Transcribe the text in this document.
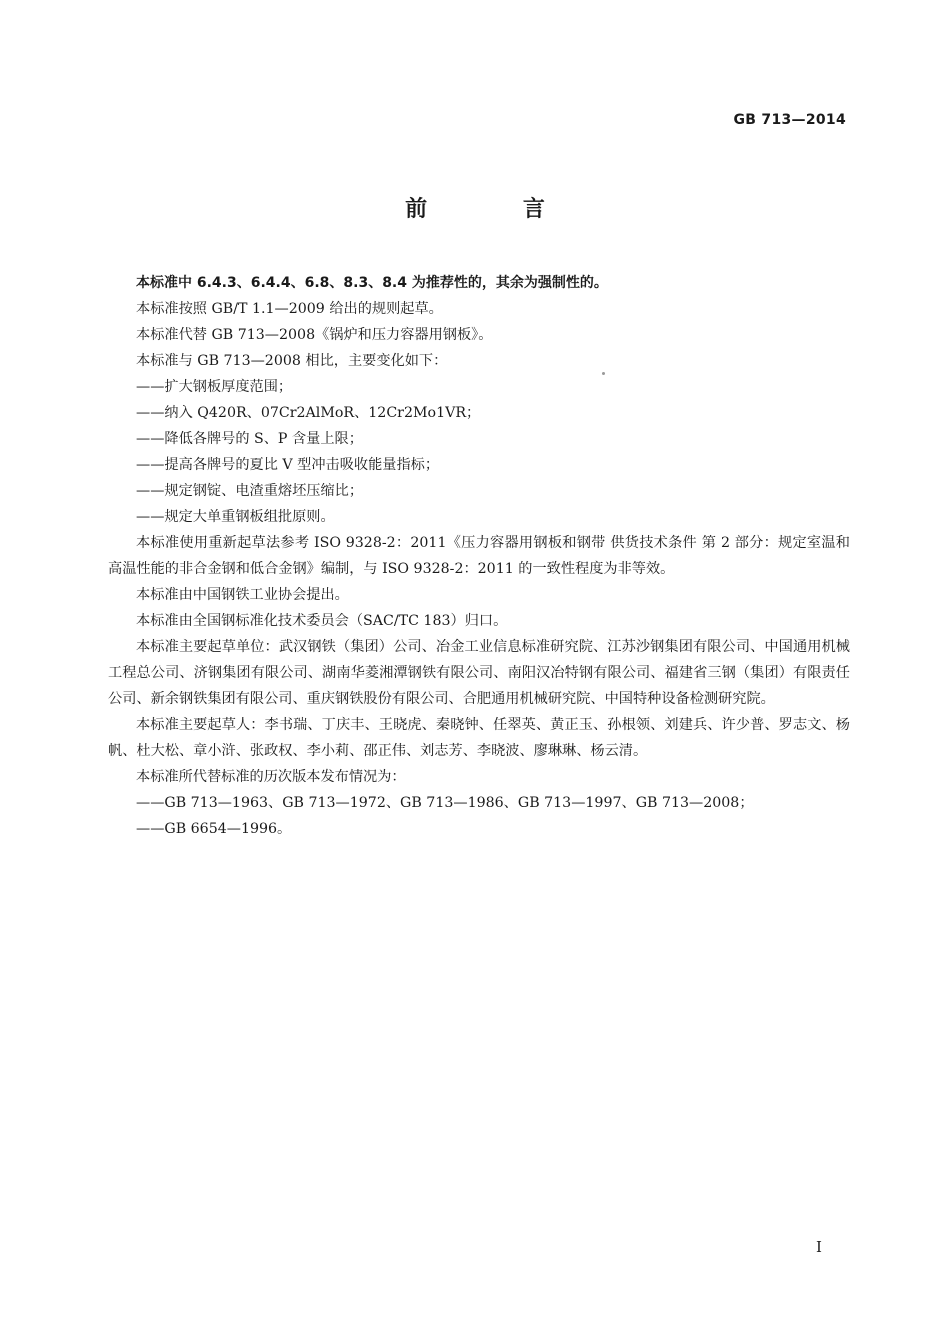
GB 713—2014
前 言

本标准中 6.4.3、6.4.4、6.8、8.3、8.4 为推荐性的，其余为强制性的。

本标准按照 GB/T 1.1—2009 给出的规则起草。

本标准代替 GB 713—2008《锅炉和压力容器用钢板》。

本标准与 GB 713—2008 相比，主要变化如下：

——扩大钢板厚度范围；

——纳入 Q420R、07Cr2AlMoR、12Cr2Mo1VR；

——降低各牌号的 S、P 含量上限；

——提高各牌号的夏比 V 型冲击吸收能量指标；

——规定钢锭、电渣重熔坯压缩比；

——规定大单重钢板组批原则。

本标准使用重新起草法参考 ISO 9328-2：2011《压力容器用钢板和钢带 供货技术条件 第 2 部分：规定室温和高温性能的非合金钢和低合金钢》编制，与 ISO 9328-2：2011 的一致性程度为非等效。

本标准由中国钢铁工业协会提出。

本标准由全国钢标准化技术委员会（SAC/TC 183）归口。

本标准主要起草单位：武汉钢铁（集团）公司、冶金工业信息标准研究院、江苏沙钢集团有限公司、中国通用机械工程总公司、济钢集团有限公司、湖南华菱湘潭钢铁有限公司、南阳汉冶特钢有限公司、福建省三钢（集团）有限责任公司、新余钢铁集团有限公司、重庆钢铁股份有限公司、合肥通用机械研究院、中国特种设备检测研究院。

本标准主要起草人：李书瑞、丁庆丰、王晓虎、秦晓钟、任翠英、黄正玉、孙根领、刘建兵、许少普、罗志文、杨帆、杜大松、章小浒、张政权、李小莉、邵正伟、刘志芳、李晓波、廖琳琳、杨云清。

本标准所代替标准的历次版本发布情况为：

——GB 713—1963、GB 713—1972、GB 713—1986、GB 713—1997、GB 713—2008；

——GB 6654—1996。

I
